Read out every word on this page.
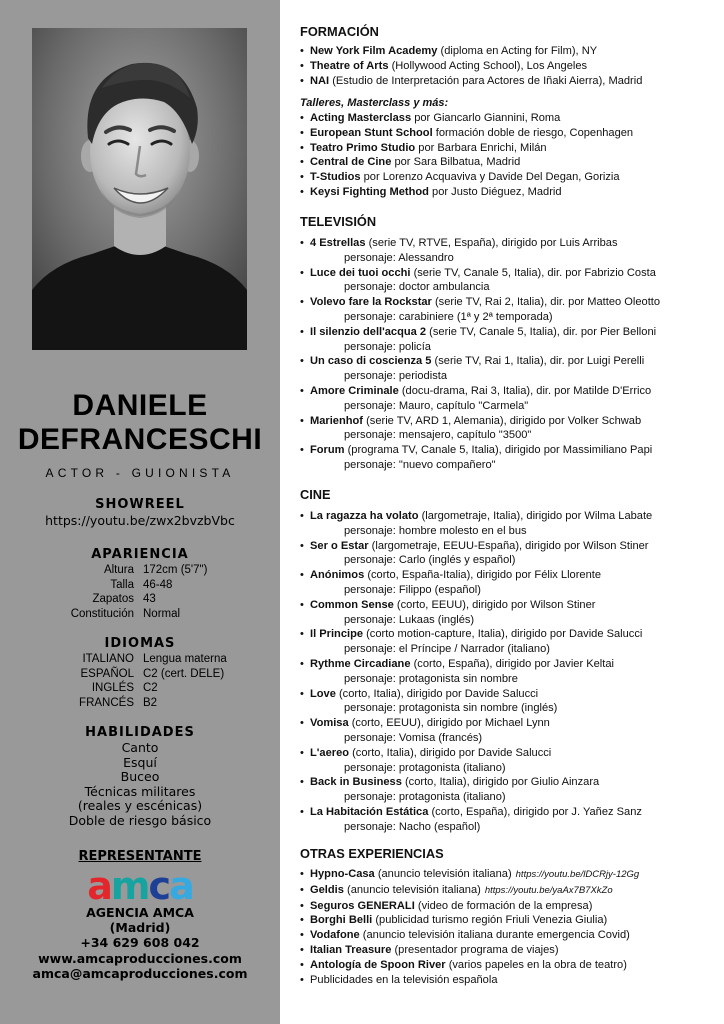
DANIELE
DEFRANCESCHI
ACTOR - GUIONISTA
SHOWREEL
https://youtu.be/zwx2bvzbVbc
APARIENCIA
Altura 172cm (5'7")
Talla 46-48
Zapatos 43
Constitución Normal
IDIOMAS
ITALIANO Lengua materna
ESPAÑOL C2 (cert. DELE)
INGLÉS C2
FRANCÉS B2
HABILIDADES
Canto
Esquí
Buceo
Técnicas militares
(reales y escénicas)
Doble de riesgo básico
REPRESENTANTE
amca
AGENCIA AMCA
(Madrid)
+34 629 608 042
www.amcaproducciones.com
amca@amcaproducciones.com
FORMACIÓN
• New York Film Academy (diploma en Acting for Film), NY
• Theatre of Arts (Hollywood Acting School), Los Angeles
• NAI (Estudio de Interpretación para Actores de Iñaki Aierra), Madrid
Talleres, Masterclass y más:
• Acting Masterclass por Giancarlo Giannini, Roma
• European Stunt School formación doble de riesgo, Copenhagen
• Teatro Primo Studio por Barbara Enrichi, Milán
• Central de Cine por Sara Bilbatua, Madrid
• T-Studios por Lorenzo Acquaviva y Davide Del Degan, Gorizia
• Keysi Fighting Method por Justo Diéguez, Madrid
TELEVISIÓN
• 4 Estrellas (serie TV, RTVE, España), dirigido por Luis Arribas
personaje: Alessandro
• Luce dei tuoi occhi (serie TV, Canale 5, Italia), dir. por Fabrizio Costa
personaje: doctor ambulancia
• Volevo fare la Rockstar (serie TV, Rai 2, Italia), dir. por Matteo Oleotto
personaje: carabiniere (1ª y 2ª temporada)
• Il silenzio dell'acqua 2 (serie TV, Canale 5, Italia), dir. por Pier Belloni
personaje: policía
• Un caso di coscienza 5 (serie TV, Rai 1, Italia), dir. por Luigi Perelli
personaje: periodista
• Amore Criminale (docu-drama, Rai 3, Italia), dir. por Matilde D'Errico
personaje: Mauro, capítulo "Carmela"
• Marienhof (serie TV, ARD 1, Alemania), dirigido por Volker Schwab
personaje: mensajero, capítulo "3500"
• Forum (programa TV, Canale 5, Italia), dirigido por Massimiliano Papi
personaje: "nuevo compañero"
CINE
• La ragazza ha volato (largometraje, Italia), dirigido por Wilma Labate
personaje: hombre molesto en el bus
• Ser o Estar (largometraje, EEUU-España), dirigido por Wilson Stiner
personaje: Carlo (inglés y español)
• Anónimos (corto, España-Italia), dirigido por Félix Llorente
personaje: Filippo (español)
• Common Sense (corto, EEUU), dirigido por Wilson Stiner
personaje: Lukaas (inglés)
• Il Principe (corto motion-capture, Italia), dirigido por Davide Salucci
personaje: el Príncipe / Narrador (italiano)
• Rythme Circadiane (corto, España), dirigido por Javier Keltai
personaje: protagonista sin nombre
• Love (corto, Italia), dirigido por Davide Salucci
personaje: protagonista sin nombre (inglés)
• Vomisa (corto, EEUU), dirigido por Michael Lynn
personaje: Vomisa (francés)
• L'aereo (corto, Italia), dirigido por Davide Salucci
personaje: protagonista (italiano)
• Back in Business (corto, Italia), dirigido por Giulio Ainzara
personaje: protagonista (italiano)
• La Habitación Estática (corto, España), dirigido por J. Yañez Sanz
personaje: Nacho (español)
OTRAS EXPERIENCIAS
• Hypno-Casa (anuncio televisión italiana) https://youtu.be/lDCRjy-12Gg
• Geldis (anuncio televisión italiana) https://youtu.be/yaAx7B7XkZo
• Seguros GENERALI (video de formación de la empresa)
• Borghi Belli (publicidad turismo región Friuli Venezia Giulia)
• Vodafone (anuncio televisión italiana durante emergencia Covid)
• Italian Treasure (presentador programa de viajes)
• Antología de Spoon River (varios papeles en la obra de teatro)
• Publicidades en la televisión española
